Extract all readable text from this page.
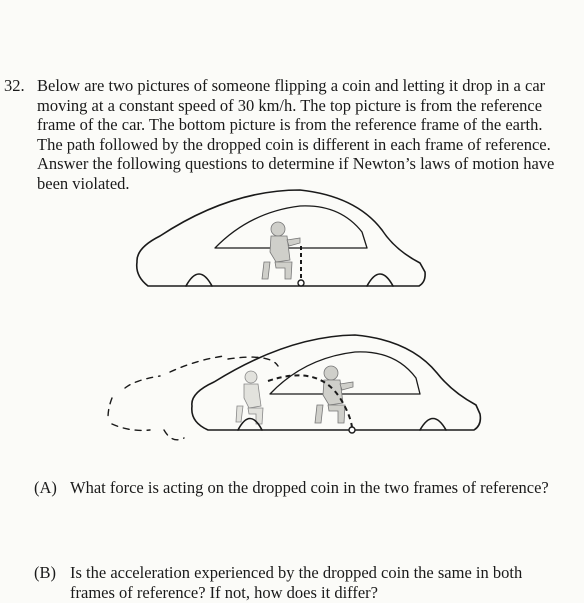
32. Below are two pictures of someone flipping a coin and letting it drop in a car
moving at a constant speed of 30 km/h. The top picture is from the reference
frame of the car. The bottom picture is from the reference frame of the earth.
The path followed by the dropped coin is different in each frame of reference.
Answer the following questions to determine if Newton’s laws of motion have
been violated.
(A) What force is acting on the dropped coin in the two frames of reference?
(B) Is the acceleration experienced by the dropped coin the same in both
frames of reference? If not, how does it differ?
